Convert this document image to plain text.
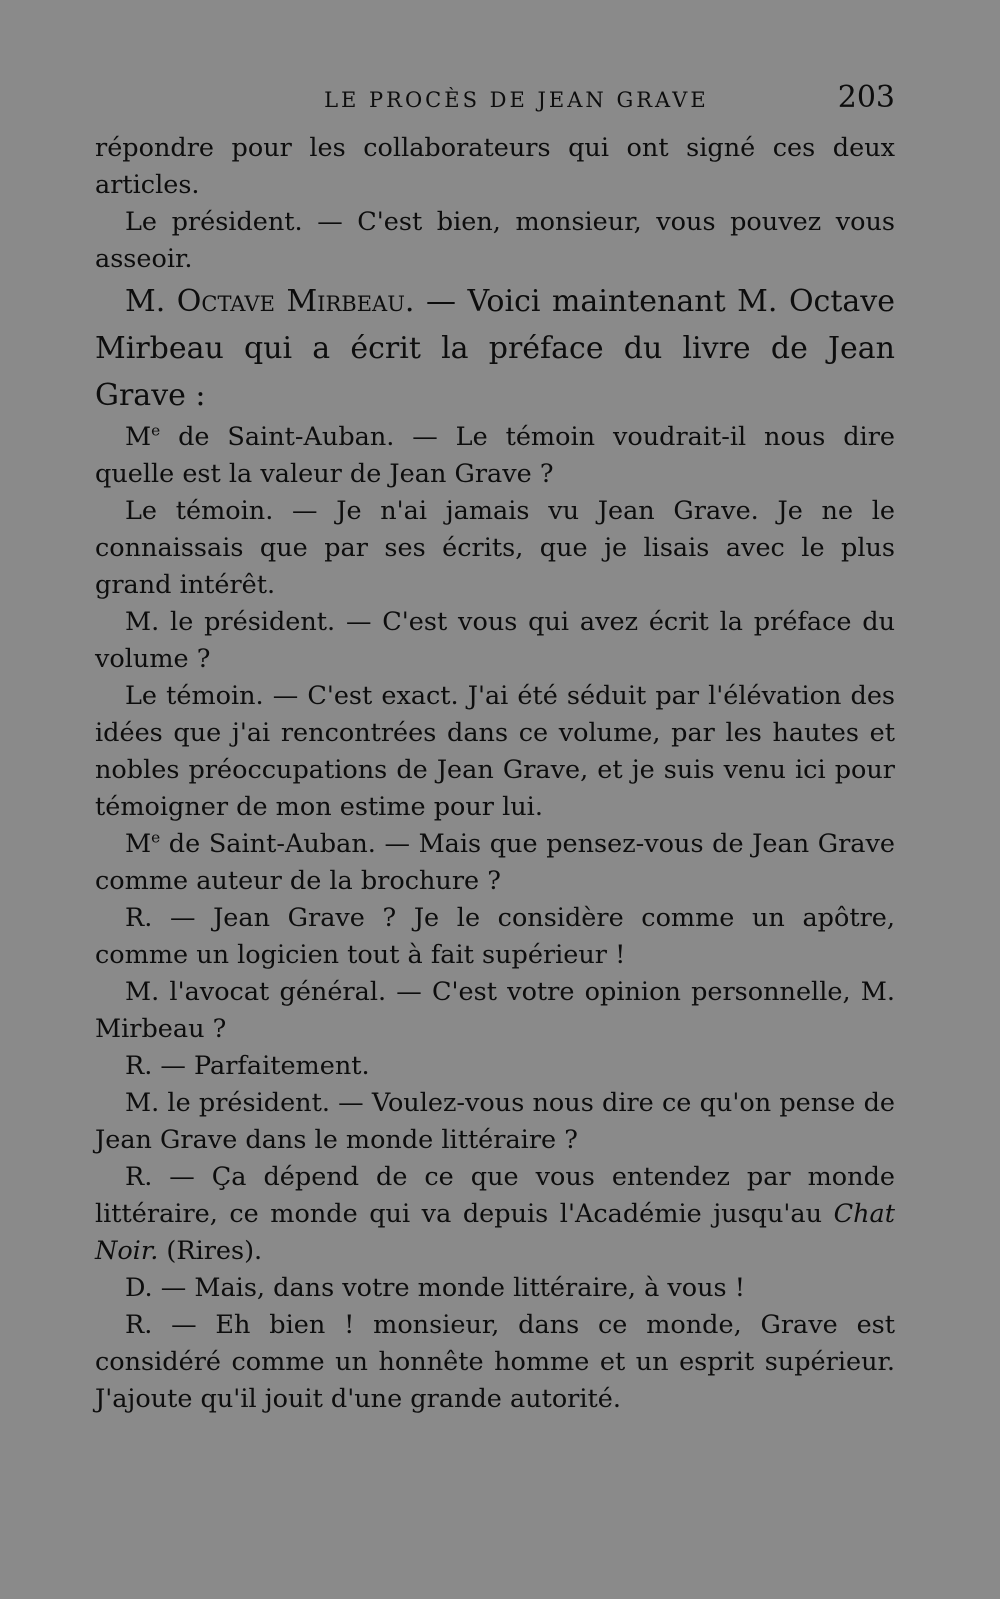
LE PROCÈS DE JEAN GRAVE	203

répondre pour les collaborateurs qui ont signé ces deux articles.

Le président. — C'est bien, monsieur, vous pouvez vous asseoir.

M. Octave Mirbeau. — Voici maintenant M. Octave Mirbeau qui a écrit la préface du livre de Jean Grave :

Me de Saint-Auban. — Le témoin voudrait-il nous dire quelle est la valeur de Jean Grave ?

Le témoin. — Je n'ai jamais vu Jean Grave. Je ne le connaissais que par ses écrits, que je lisais avec le plus grand intérêt.

M. le président. — C'est vous qui avez écrit la préface du volume ?

Le témoin. — C'est exact. J'ai été séduit par l'élévation des idées que j'ai rencontrées dans ce volume, par les hautes et nobles préoccupations de Jean Grave, et je suis venu ici pour témoigner de mon estime pour lui.

Me de Saint-Auban. — Mais que pensez-vous de Jean Grave comme auteur de la brochure ?

R. — Jean Grave ? Je le considère comme un apôtre, comme un logicien tout à fait supérieur !

M. l'avocat général. — C'est votre opinion personnelle, M. Mirbeau ?

R. — Parfaitement.

M. le président. — Voulez-vous nous dire ce qu'on pense de Jean Grave dans le monde littéraire ?

R. — Ça dépend de ce que vous entendez par monde littéraire, ce monde qui va depuis l'Académie jusqu'au Chat Noir. (Rires).

D. — Mais, dans votre monde littéraire, à vous !

R. — Eh bien ! monsieur, dans ce monde, Grave est considéré comme un honnête homme et un esprit supérieur. J'ajoute qu'il jouit d'une grande autorité.
